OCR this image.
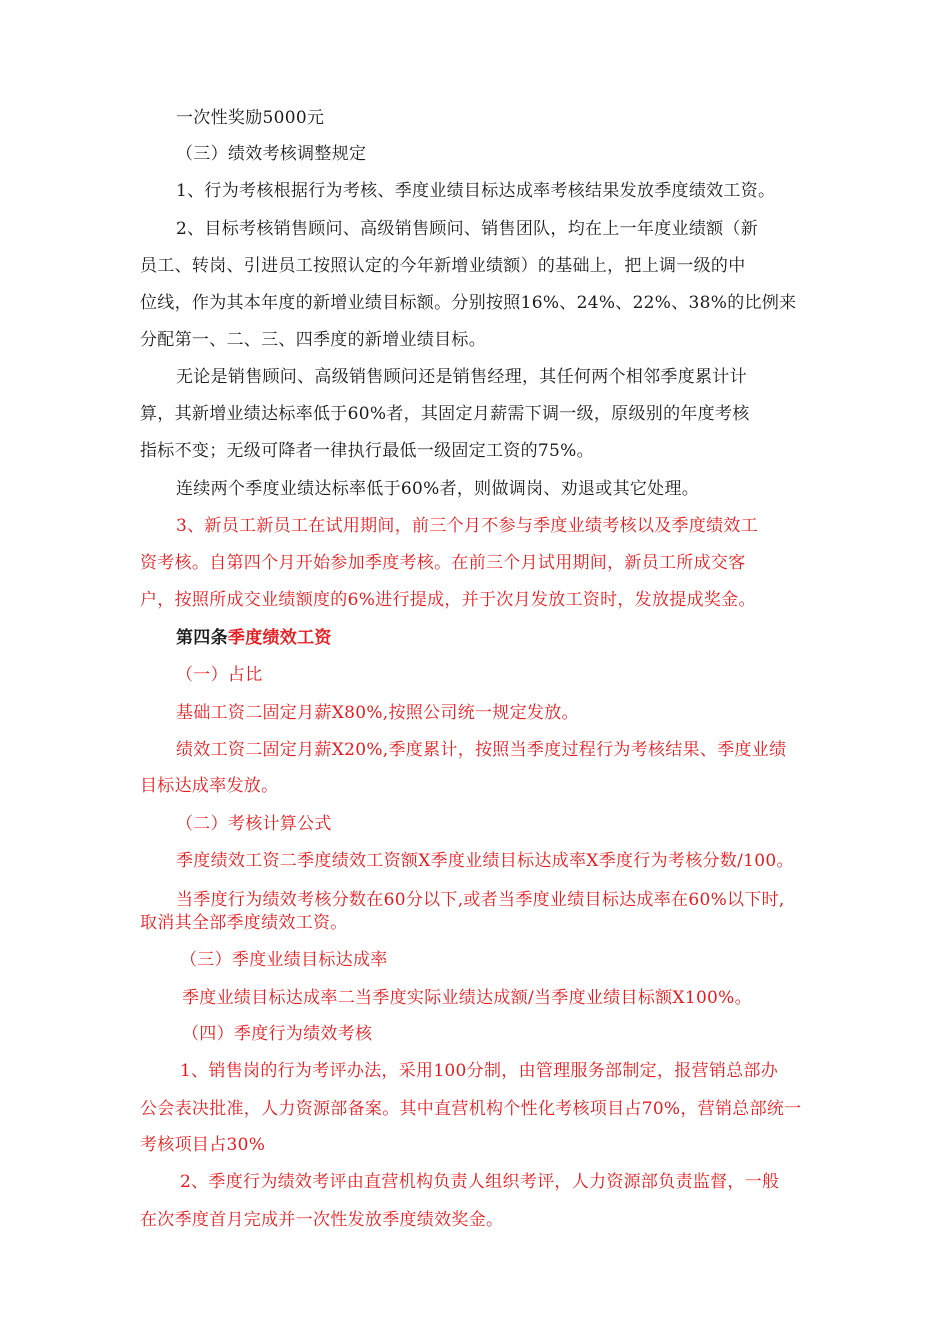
一次性奖励5000元
（三）绩效考核调整规定
1、行为考核根据行为考核、季度业绩目标达成率考核结果发放季度绩效工资。
2、目标考核销售顾问、高级销售顾问、销售团队，均在上一年度业绩额（新
员工、转岗、引进员工按照认定的今年新增业绩额）的基础上，把上调一级的中
位线，作为其本年度的新增业绩目标额。分别按照16%、24%、22%、38%的比例来
分配第一、二、三、四季度的新增业绩目标。
无论是销售顾问、高级销售顾问还是销售经理，其任何两个相邻季度累计计
算，其新增业绩达标率低于60%者，其固定月薪需下调一级，原级别的年度考核
指标不变；无级可降者一律执行最低一级固定工资的75%。
连续两个季度业绩达标率低于60%者，则做调岗、劝退或其它处理。
3、新员工新员工在试用期间，前三个月不参与季度业绩考核以及季度绩效工
资考核。自第四个月开始参加季度考核。在前三个月试用期间，新员工所成交客
户，按照所成交业绩额度的6%进行提成，并于次月发放工资时，发放提成奖金。
第四条季度绩效工资
（一）占比
基础工资二固定月薪X80%,按照公司统一规定发放。
绩效工资二固定月薪X20%,季度累计，按照当季度过程行为考核结果、季度业绩
目标达成率发放。
（二）考核计算公式
季度绩效工资二季度绩效工资额X季度业绩目标达成率X季度行为考核分数/100。
当季度行为绩效考核分数在60分以下,或者当季度业绩目标达成率在60%以下时,
取消其全部季度绩效工资。
（三）季度业绩目标达成率
季度业绩目标达成率二当季度实际业绩达成额/当季度业绩目标额X100%。
（四）季度行为绩效考核
1、销售岗的行为考评办法，采用100分制，由管理服务部制定，报营销总部办
公会表决批准，人力资源部备案。其中直营机构个性化考核项目占70%，营销总部统一
考核项目占30%
2、季度行为绩效考评由直营机构负责人组织考评，人力资源部负责监督，一般
在次季度首月完成并一次性发放季度绩效奖金。
